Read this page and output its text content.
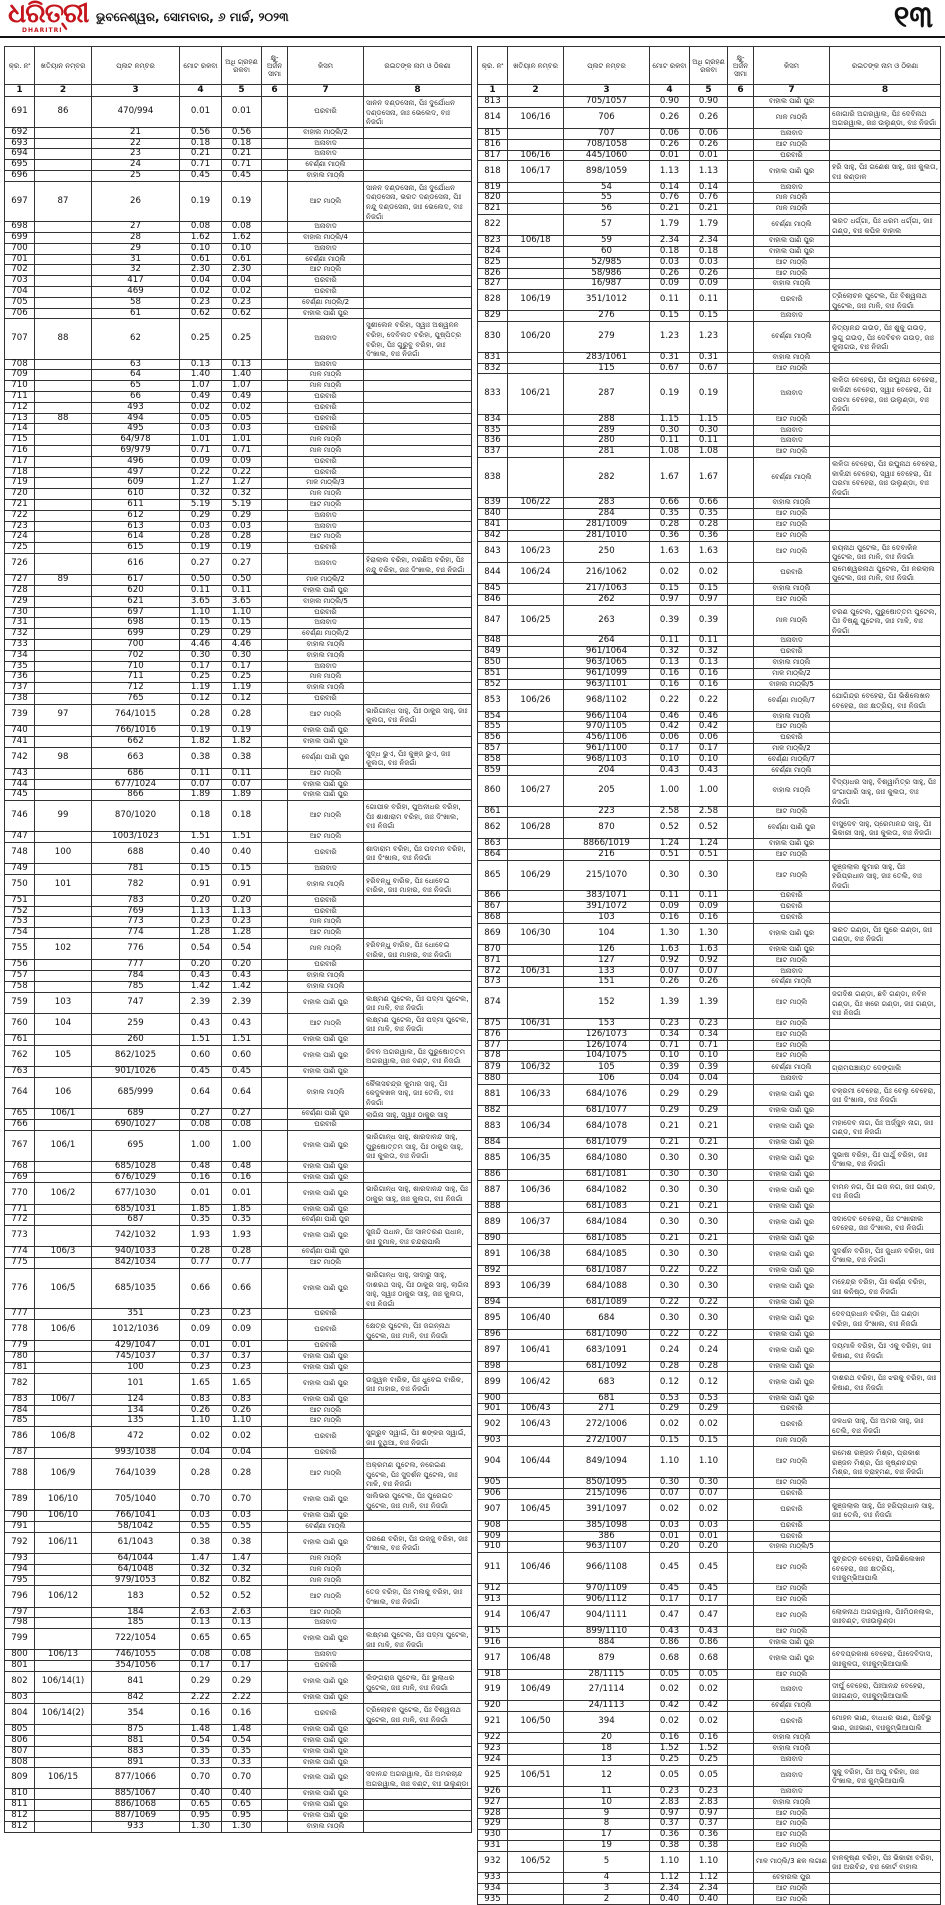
ଧରିତ୍ରୀ
DHARITRI
ଭୁବନେଶ୍ୱର, ସୋମବାର, ୬ ମାର୍ଚ୍ଚ, ୨୦୨୩	୧୩
କ୍ର. ନଂ	ଖତିୟାନ ନମ୍ବର	ପ୍ଲଟ ନମ୍ବର	ମୋଟ ରକବା	ଅଧି ଗ୍ରହଣ ରକବା	କ୍ଷୁ- ଅର୍ଜନ ସୀମା	କିସମ	ରଇତଙ୍କ ନାମ ଓ ଠିକଣା
1	2	3	4	5	6	7	8
691	86	470/994	0.01	0.01		ଘରବାରି	ସାନନ ଦଣ୍ଡସେନା, ପିଃ ଦୁର୍ଯୋଧନ ଦଣ୍ଡସେନା, ଜାଃ ଭେଲେଦ, ବାଃ ନିଜଗାଁ
692		21	0.56	0.56		ବାହାଲ ମାଠ୍ଲି/2	
693		22	0.18	0.18		ଅନାବାଦ	
694		23	0.21	0.21		ଅନାବାଦ	
695		24	0.71	0.71		ବେର୍ଣ୍ଣା ମାଠ୍ଲି	
696		25	0.45	0.45		ବାହାଲ ମାଠ୍ଲି	
697	87	26	0.19	0.19		ଆଟ ମାଠ୍ଲି	ସାନନ ଦଣ୍ଡସେନା, ପିଃ ଦୁର୍ଯୋଧନ ଦଣ୍ଡସେନା, ଭରତ ଦଣ୍ଡସେନା, ପିଃ ନନ୍ଦୁ ଦଣ୍ଡସେନା, ଜାଃ ଭେଲେଦ, ବାଃ ନିଜଗାଁ
698		27	0.08	0.08		ଅନାବାଦ	
699		28	1.62	1.62		ବାହାଲ ମାଠ୍ଲି/4	
700		29	0.10	0.10		ଅନାବାଦ	
701		31	0.61	0.61		ବେର୍ଣ୍ଣା ମାଠ୍ଲି	
702		32	2.30	2.30		ଆଟ ମାଠ୍ଲି	
703		417	0.04	0.04		ଘରବାରି	
704		469	0.02	0.02		ଘରବାରି	
705		58	0.23	0.23		ବେର୍ଣ୍ଣା ମାଠ୍ଲି/2	
706		61	0.62	0.62		ବାହାଲ ପାଣି ପୁର	
707	88	62	0.25	0.25		ଅନାବାଦ	ସୁଶୀଲେନ ବରିହା, ସ୍ୱାଃ ଅଶ୍ୱନନ ବରିହା, ଦେବିଲତ ବରିହା, ପୁଷ୍ପିତ୍ର ବରିହା, ପିଃ ଗୁରୁବୁ ବରିହା, ଜାଃ ଦିଂଖାଲ, ବାଃ ନିଜଗାଁ
708		63	0.13	0.13		ଅନାବାଦ	
709		64	1.40	1.40		ମାଳ ମାଠ୍ଲି	
710		65	1.07	1.07		ମାଳ ମାଠ୍ଲି	
711		66	0.49	0.49		ଘରବାରି	
712		493	0.02	0.02		ଘରବାରି	
713	88	494	0.05	0.05		ଘରବାରି	
714		495	0.03	0.03		ଘରବାରି	
715		64/978	1.01	1.01		ମାଳ ମାଠ୍ଲି	
716		69/979	0.71	0.71		ମାଳ ମାଠ୍ଲି	
717		496	0.09	0.09		ଘରବାରି	
718		497	0.22	0.22		ଘରବାରି	
719		609	1.27	1.27		ମାଳ ମାଠ୍ଲି/3	
720		610	0.32	0.32		ମାଳ ମାଠ୍ଲି	
721		611	5.19	5.19		ଆଟ ମାଠ୍ଲି	
722		612	0.29	0.29		ଅନାବାଦ	
723		613	0.03	0.03		ଅନାବାଦ	
724		614	0.28	0.28		ଆଟ ମାଠ୍ଲି	
725		615	0.19	0.19		ଘରବାରି	
726		616	0.27	0.27		ଅନାବାଦ	ହିରାଲାଲ ବରିହା, ମରଛିଅ ବରିହା, ପିଃ ନନ୍ଦୁ ବରିହା, ଜାଃ ଦିଂଖାଲ, ବାଃ ନିଜଗାଁ
727	89	617	0.50	0.50		ମାଳ ମାଠ୍ଲି/2	
728		620	0.11	0.11		ବାହାଲ ପାଣି ପୁର	
729		621	3.65	3.65		ବାହାଲ ମାଠ୍ଲି/5	
730		697	1.10	1.10		ଘରବାରି	
731		698	0.15	0.15		ଅନାବାଦ	
732		699	0.29	0.29		ବେର୍ଣ୍ଣା ମାଠ୍ଲି/2	
733		700	4.46	4.46		ବାହାଲ ମାଠ୍ଲି	
734		702	0.30	0.30		ବାହାଲ ମାଠ୍ଲି	
735		710	0.17	0.17		ଅନାବାଦ	
736		711	0.25	0.25		ମାଳ ମାଠ୍ଲି	
737		712	1.19	1.19		ବାହାଲ ମାଠ୍ଲି	
738		765	0.12	0.12		ଘରବାରି	
739	97	764/1015	0.28	0.28		ଆଟ ମାଠ୍ଲି	ଭାରିଗାନ୍ଧ ସାହୁ, ପିଃ ଠାକୁର ସାହୁ, ଜାଃ କୁଲତା, ବାଃ ନିଜଗାଁ
740		766/1016	0.19	0.19		ବାହାଲ ପାଣି ପୁର	
741		662	1.82	1.82		ବାହାଲ ପାଣି ପୁର	
742	98	663	0.38	0.38		ବେର୍ଣ୍ଣା ପାଣି ପୁର	ସୁଦ୍ଧ ଭୁଏ, ପିଃ କୁଞ୍ଜ ଭୁଏ, ଜାଃ କୁଲତା, ବାଃ ନିଜଗାଁ
743		686	0.11	0.11		ଆଟ ମାଠ୍ଲି	
744		677/1024	0.07	0.07		ବାହାଲ ପାଣି ପୁର	
745		866	1.89	1.89		ବାହାଲ ପାଣି ପୁର	
746	99	870/1020	0.18	0.18		ଆଟ ମାଠ୍ଲି	ଗୋପୀକ ବରିହା, ପୁଅନୀଧର ବରିହା, ପିଃ ଶାଶାରାମ ବରିହା, ଜାଃ ଦିଂଖାଲ, ବାଃ ନିଜଗାଁ
747		1003/1023	1.51	1.51		ଆଟ ମାଠ୍ଲି	
748	100	688	0.40	0.40		ଘରବାରି	ଶାଦାରାମ ବରିହା, ପିଃ ପଦମନ ବରିହା, ଜାଃ ଦିଂଖାଲ, ବାଃ ନିଜଗାଁ
749		781	0.15	0.15		ଅନାବାଦ	
750	101	782	0.91	0.91		ବାହାଲ ମାଠ୍ଲି	ହରିବନ୍ଧୁ ବାରିକ, ପିଃ ଧୋବେଇ ବାରିକ, ଜାଃ ମାହାର, ବାଃ ନିଜଗାଁ
751		783	0.20	0.20		ଘରବାରି	
752		769	1.13	1.13		ଘରବାରି	
753		773	0.23	0.23		ମାଳ ମାଠ୍ଲି	
754		774	1.28	1.28		ଆଟ ମାଠ୍ଲି	
755	102	776	0.54	0.54		ମାଳ ମାଠ୍ଲି	ହରିବନ୍ଧୁ ବାରିକ, ପିଃ ଧୋବେଇ ବାରିକ, ଜାଃ ମାହାର, ବାଃ ନିଜଗାଁ
756		777	0.20	0.20		ଘରବାରି	
757		784	0.43	0.43		ବାହାଲ ମାଠ୍ଲି	
758		785	1.42	1.42		ବାହାଲ ମାଠ୍ଲି	
759	103	747	2.39	2.39		ବାହାଲ ପାଣି ପୁର	ଲକ୍ଷ୍ମଣ ପୁଟେଲ, ପିଃ ପଦ୍ମା ପୁଟେଲ, ଜାଃ ମାଳି, ବାଃ ନିଜଗାଁ
760	104	259	0.43	0.43		ଆଟ ମାଠ୍ଲି	ଲକ୍ଷ୍ମଣ ପୁଟେଲ, ପିଃ ପଦ୍ମା ପୁଟେଲ, ଜାଃ ମାଳି, ବାଃ ନିଜଗାଁ
761		260	1.51	1.51		ବାହାଲ ପାଣି ପୁର	
762	105	862/1025	0.60	0.60		ବାହାଲ ପାଣି ପୁର	ଜିବନ ଅଗରୱାଲ, ପିଃ ପୁରୁଷୋତ୍ତମ ଅଗରୱାଲ, ଜାଃ ବଣ୍ଟ, ବାଃ ନିଜଗାଁ
763		901/1026	0.45	0.45		ବାହାଲ ପାଣି ପୁର	
764	106	685/999	0.64	0.64		ବାହାଲ ମାଠ୍ଲି	କୈଳାସଚନ୍ଦ୍ର କୁମାର ସାହୁ, ପିଃ କେଦୁଳଖଳ ସାହୁ, ଜାଃ ତେଲି, ବାଃ ନିଜଗାଁ
765	106/1	689	0.27	0.27		ବେର୍ଣ୍ଣା ପାଣି ପୁର	ଲାଗିନା ସାହୁ, ସ୍ୱାଃ ଠାକୁର ସାହୁ
766		690/1027	0.08	0.08		ଘରବାରି	
767	106/1	695	1.00	1.00		ବାହାଲ ପାଣି ପୁର	ଭାରିଗାନ୍ଧ ସାହୁ, ଶାରଦାନନ୍ଦ ସାହୁ, ପୁରୁଷୋତ୍ତମ ସାହୁ, ପିଃ ଠାକୁର ସାହୁ, ଜାଃ କୁଲତା, ବାଃ ନିଜଗାଁ
768		685/1028	0.48	0.48		ବାହାଲ ପାଣି ପୁର	
769		676/1029	0.16	0.16		ବାହାଲ ପାଣି ପୁର	
770	106/2	677/1030	0.01	0.01		ବାହାଲ ପାଣି ପୁର	ଭାରିଗାନ୍ଧ ସାହୁ, ଶାରଦାନନ୍ଦ ସାହୁ, ପିଃ ଠାକୁର ସାହୁ, ଜାଃ କୁଲତା, ବାଃ ନିଜଗାଁ
771		685/1031	1.85	1.85		ବାହାଲ ପାଣି ପୁର	
772		687	0.35	0.35		ବେର୍ଣ୍ଣା ପାଣି ପୁର	
773		742/1032	1.93	1.93		ବାହାଲ ପାଣି ପୁର	ସୁଜନ୍ଦି ପଧାନ, ପିଃ ସାନତରଣ ପଧାନ, ଜାଃ ଦୁମାଳ, ବାଃ ଚନ୍ଦରାପାଲି
774	106/3	940/1033	0.28	0.28		ବେର୍ଣ୍ଣା ପାଣି ପୁର	
775		842/1034	0.77	0.77		ଆଟ ମାଠ୍ଲି	
776	106/5	685/1035	0.66	0.66		ବାହାଲ ପାଣି ପୁର	ଭାରିଗାନ୍ଧ ସାହୁ, ସାଦାରୁ ସାହୁ, ଦାଶରଥ ସାହୁ, ପିଃ ଠାକୁର ସାହୁ, ଲାଗିନା ସାହୁ, ସ୍ୱାଃ ଠାକୁର ସାହୁ, ଜାଃ କୁଲତା, ବାଃ ନିଜଗାଁ
777		351	0.23	0.23		ଘରବାରି	
778	106/6	1012/1036	0.09	0.09		ଘରବାରି	କ୍ଷେତ୍ର ପୁଟେଲ, ପିଃ ଜଗନ୍ନାଥ ପୁଟେଲ, ଜାଃ ମାଳି, ବାଃ ନିଜଗାଁ
779		429/1047	0.01	0.01		ଘରବାରି	
780		745/1037	0.37	0.37		ବାହାଲ ପାଣି ପୁର	
781		100	0.23	0.23		ବାହାଲ ପାଣି ପୁର	
782		101	1.65	1.65		ବାହାଲ ପାଣି ପୁର	ଉଜ୍ଜ୍ୱଳ ବାରିକ, ପିଃ ଧୁବେଇ ବାରିକ, ଜାଃ ମାହାର, ବାଃ ନିଜଗାଁ
783	106/7	124	0.83	0.83		ବାହାଲ ପାଣି ପୁର	
784		134	0.26	0.26		ଆଟ ମାଠ୍ଲି	
785		135	1.10	1.10		ଆଟ ମାଠ୍ଲି	
786	106/8	472	0.02	0.02		ଘରବାରି	ସୁଗ୍ରୁବ ସ୍ୱାଇଁ, ପିଃ ଶଙ୍କର ସ୍ୱାଇଁ, ଜାଃ ଦୁଥିଆ, ବାଃ ନିଜଗାଁ
787		993/1038	0.04	0.04		ଘରବାରି	
788	106/9	764/1039	0.28	0.28		ଆଟ ମାଠ୍ଲି	ଅକ୍ରମଣ ପୁଟେଲ, ନରେଇଣ ପୁଟେଲ, ପିଃ ସୁଦର୍ଶନ ପୁଟେଲ, ଜାଃ ମାଳି, ବାଃ ନିଜଗାଁ
789	106/10	705/1040	0.70	0.70		ବାହାଲ ପାଣି ପୁର	ସାଲିଭର ପୁଟେଲ, ପିଃ ପୁରେଇତ ପୁଟେଲ, ଜାଃ ମାଳି, ବାଃ ନିଜଗାଁ
790	106/10	766/1041	0.03	0.03		ବାହାଲ ପାଣି ପୁର	
791		58/1042	0.55	0.55		ବେର୍ଣ୍ଣା ମାଠ୍ଲି	
792	106/11	61/1043	0.38	0.38		ବାହାଲ ପାଣି ପୁର	ପରଣେ ବରିହା, ପିଃ ଉଜ୍ଜୁ ବରିହା, ଜାଃ ଦିଂଖାଲ, ବାଃ ନିଜଗାଁ
793		64/1044	1.47	1.47		ମାଳ ମାଠ୍ଲି	
794		64/1048	0.32	0.32		ମାଳ ମାଠ୍ଲି	
795		979/1053	0.82	0.82		ମାଳ ମାଠ୍ଲି	
796	106/12	183	0.52	0.52		ଆଟ ମାଠ୍ଲି	ତେଜ ବରିହା, ପିଃ ମଲକୁ ବରିହା, ଜାଃ ଦିଂଖାଲ, ବାଃ ନିଜଗାଁ
797		184	2.63	2.63		ଆଟ ମାଠ୍ଲି	
798		185	0.13	0.13		ଅନାବାଦ	
799		722/1054	0.65	0.65		ବାହାଲ ପାଣି ପୁର	ଲକ୍ଷ୍ମଣ ପୁଟେଲ, ପିଃ ପଦ୍ମା ପୁଟେଲ, ଜାଃ ମାଳି, ବାଃ ନିଜଗାଁ
800	106/13	746/1055	0.08	0.08		ଅନାବାଦ	
801		354/1056	0.17	0.17		ଘରବାରି	
802	106/14(1)	841	0.29	0.29		ବାହାଲ ପାଣି ପୁର	ଲିଙ୍ଗରାଜ ପୁଟେଲ, ପିଃ ଭୁଲାଧର ପୁଟେଲ, ଜାଃ ମାଳି, ବାଃ ନିଜଗାଁ
803		842	2.22	2.22		ବାହାଲ ପାଣି ପୁର	
804	106/14(2)	354	0.16	0.16		ଘରବାରି	ତ୍ରିଲୋଚନ ପୁଟେଲ, ପିଃ ବିଶ୍ୱନାଥ ପୁଟେଲ, ଜାଃ ମାଳି, ବାଃ ନିଜଗାଁ
805		875	1.48	1.48		ବାହାଲ ପାଣି ପୁର	
806		881	0.54	0.54		ବାହାଲ ପାଣି ପୁର	
807		883	0.35	0.35		ବାହାଲ ପାଣି ପୁର	
808		891	0.33	0.33		ବାହାଲ ପାଣି ପୁର	
809	106/15	877/1066	0.70	0.70		ବାହାଲ ପାଣି ପୁର	ସଦାନନ୍ଦ ଅଗରୱାଲ, ପିଃ ଅମରଚାନ୍ଦ ଅଗରୱାଲ, ଜାଃ ବଣ୍ଟ, ବାଃ ଉଲୁଣ୍ଡା
810		885/1067	0.40	0.40		ବାହାଲ ପାଣି ପୁର	
811		886/1068	0.65	0.65		ବାହାଲ ପାଣି ପୁର	
812		887/1069	0.95	0.95		ବାହାଲ ପାଣି ପୁର	
812		933	1.30	1.30		ବାହାଲ ମାଠ୍ଲି	
କ୍ର. ନଂ	ଖତିୟାନ ନମ୍ବର	ପ୍ଲଟ ନମ୍ବର	ମୋଟ ରକବା	ଅଧି ଗ୍ରହଣ ରକବା	କ୍ଷୁ- ଅର୍ଜନ ସୀମା	କିସମ	ରଇତଙ୍କ ନାମ ଓ ଠିକଣା
1	2	3	4	5	6	7	8
813		705/1057	0.90	0.90		ବାହାଲ ପାଣି ପୁର	
814	106/16	706	0.26	0.26		ମାଳ ମାଠ୍ଲି	ଜୋଗାରି ଅଗରୱାଲ, ପିଃ ଦେବିନାଥ ଅଗରୱାଲ, ଜାଃ ଉଲୁଣ୍ଡା, ବାଃ ନିଜଗାଁ
815		707	0.06	0.06		ଅନାବାଦ	
816		708/1058	0.26	0.26		ଆଟ ମାଠ୍ଲି	
817	106/16	445/1060	0.01	0.01		ଘରବାରି	
818	106/17	898/1059	1.13	1.13		ବାହାଲ ପାଣି ପୁର	ହରି ସାହୁ, ପିଃ ଗଣେଶ ସାହୁ, ଜାଃ କୁଲତା, ବାଃ କଣ୍ଡାଳ
819		54	0.14	0.14		ଅନାବାଦ	
820		55	0.76	0.76		ମାଳ ମାଠ୍ଲି	
821		56	0.21	0.21		ମାଳ ମାଠ୍ଲି	
822		57	1.79	1.79		ବେର୍ଣ୍ଣା ମାଠ୍ଲି	ଭରତ ଧର୍ଗ୍ଗା, ପିଃ ଧରମ ଧର୍ଗ୍ଗା, ଜାଃ ଗଣ୍ଡ, ବାଃ କପିଳ ବାହାଲ
823	106/18	59	2.34	2.34		ବାହାଲ ପାଣି ପୁର	
824		60	0.18	0.18		ବାହାଲ ପାଣି ପୁର	
825		52/985	0.03	0.03		ଆଟ ମାଠ୍ଲି	
826		58/986	0.26	0.26		ଆଟ ମାଠ୍ଲି	
827		16/987	0.09	0.09		ବାହାଲ ମାଠ୍ଲି	
828	106/19	351/1012	0.11	0.11		ଘରବାରି	ତ୍ରିଲୋଚନ ପୁଟେଲ, ପିଃ ବିଶ୍ୱନାଥ ପୁଟେଲ, ଜାଃ ମାଳି, ବାଃ ନିଜଗାଁ
829		276	0.15	0.15		ଅନାବାଦ	
830	106/20	279	1.23	1.23		ବେର୍ଣ୍ଣା ମାଠ୍ଲି	ନିତ୍ୟାନନ୍ଦ ଗଉଡ଼, ପିଃ ଶୁକୁ ଗଉଡ଼, ଭୃଗୁ ଗଉଡ଼, ପିଃ ଦେବିଚନ ଗଉଡ଼, ଜାଃ କୁଲାଗଉ, ବାଃ ନିଜଗାଁ
831		283/1061	0.31	0.31		ବାହାଲ ମାଠ୍ଲି	
832		115	0.67	0.67		ଆଟ ମାଠ୍ଲି	
833	106/21	287	0.19	0.19		ଅନାବାଦ	ଲଳିତା ବେହେରା, ପିଃ ରଘୁନାଥ ବେହେରା, କାଳିନ୍ଦୀ ବେହେରା, ସ୍ୱାଃ ବେହେରା, ପିଃ ପରମା ବେହେରା, ଜାଃ ଉଲୁଣ୍ଡା, ବାଃ ନିଜଗାଁ
834		288	1.15	1.15		ଆଟ ମାଠ୍ଲି	
835		289	0.30	0.30		ଅନାବାଦ	
836		280	0.11	0.11		ଅନାବାଦ	
837		281	1.08	1.08		ଆଟ ମାଠ୍ଲି	
838		282	1.67	1.67		ବେର୍ଣ୍ଣା ମାଠ୍ଲି	ଲଳିତା ବେହେରା, ପିଃ ରଘୁନାଥ ବେହେରା, କାଳିନ୍ଦୀ ବେହେରା, ସ୍ୱାଃ ବେହେରା, ପିଃ ପରମା ବେହେରା, ଜାଃ ଉଲୁଣ୍ଡା, ବାଃ ନିଜଗାଁ
839	106/22	283	0.66	0.66		ବାହାଲ ମାଠ୍ଲି	
840		284	0.35	0.35		ଆଟ ମାଠ୍ଲି	
841		281/1009	0.28	0.28		ଆଟ ମାଠ୍ଲି	
842		281/1010	0.36	0.36		ଆଟ ମାଠ୍ଲି	
843	106/23	250	1.63	1.63		ଆଟ ମାଠ୍ଲି	ରୟନାଥ ପୁଟେଲ, ପିଃ ଦେବାକିନ ପୁଟେଲ, ଜାଃ ମାଳି, ବାଃ ନିଜଗାଁ
844	106/24	216/1062	0.02	0.02		ଘରବାରି	ରାମେଶ୍ୱରନାଥ ପୁଟେଲ, ପିଃ ନରଲାଲ ପୁଟେଲ, ଜାଃ ମାଳି, ବାଃ ନିଜଗାଁ
845		217/1063	0.15	0.15		ବାହାଲ ମାଠ୍ଲି	
846		262	0.97	0.97		ଆଟ ମାଠ୍ଲି	
847	106/25	263	0.39	0.39		ମାଳ ମାଠ୍ଲି	ଚରଣ ପୁଟେଲ, ପୁରୁଷୋତ୍ତମ ପୁଟେଲ, ପିଃ ବିଷ୍ଣୁ ପୁଟେଲ, ଜାଃ ମାଳି, ବାଃ ନିଜଗାଁ
848		264	0.11	0.11		ଅନାବାଦ	
849		961/1064	0.32	0.32		ଘରବାରି	
850		963/1065	0.13	0.13		ବାହାଲ ମାଠ୍ଲି	
851		961/1099	0.16	0.16		ମାଳ ମାଠ୍ଲି/2	
852		963/1101	0.16	0.16		ବାହାଲ ମାଠ୍ଲି/5	
853	106/26	968/1102	0.22	0.22		ବେର୍ଣ୍ଣା ମାଠ୍ଲି/7	ଯୋଗିନ୍ଦ୍ର ବେହେରା, ପିଃ ଭିଶିଲେଖନ ବେହେରା, ଜାଃ କ୍ଷତ୍ରିୟ, ବାଃ ନିଜଗାଁ
854		966/1104	0.46	0.46		ବାହାଲ ମାଠ୍ଲି	
855		970/1105	0.42	0.42		ଆଟ ମାଠ୍ଲି	
856		456/1106	0.06	0.06		ଘରବାରି	
857		961/1100	0.17	0.17		ମାଳ ମାଠ୍ଲି/2	
858		968/1103	0.10	0.10		ବେର୍ଣ୍ଣା ମାଠ୍ଲି/7	
859		204	0.43	0.43		ବେର୍ଣ୍ଣା ମାଠ୍ଲି	
860	106/27	205	1.00	1.00		ବାହାଲ ମାଠ୍ଲି	ବିଦ୍ୟାଧର ସାହୁ, ବିଶ୍ୱାମିତ୍ର ସାହୁ, ପିଃ ଜଂଗାପାରି ସାହୁ, ଜାଃ କୁଲତା, ବାଃ ନିଜଗାଁ
861		223	2.58	2.58		ଆଟ ମାଠ୍ଲି	
862	106/28	870	0.52	0.52		ବେର୍ଣ୍ଣା ପାଣି ପୁର	ବାସୁଦେବ ସାହୁ, ପ୍ରେମାନନ୍ଦ ସାହୁ, ପିଃ ଭିକାରୀ ସାହୁ, ଜାଃ କୁଲତା, ବାଃ ନିଜଗାଁ
863		8866/1019	1.24	1.24		ବାହାଲ ପାଣି ପୁର	
864		216	0.51	0.51		ଆଟ ମାଠ୍ଲି	
865	106/29	215/1070	0.30	0.30		ଆଟ ମାଠ୍ଲି	କୁଞ୍ଜଲାଲ କୁମାର ସାହୁ, ପିଃ ହରିପ୍ରଧାନ ସାହୁ, ଜାଃ ତେଲି, ବାଃ ନିଜଗାଁ
866		383/1071	0.11	0.11		ଘରବାରି	
867		391/1072	0.09	0.09		ଘରବାରି	
868		103	0.16	0.16		ଘରବାରି	
869	106/30	104	1.30	1.30		ବାହାଲ ପାଣି ପୁର	ଭରତ ଗଣ୍ଡା, ପିଃ ଘୁରେ ଗଣ୍ଡା, ଜାଃ ଗଣ୍ଡା, ବାଃ ନିଜଗାଁ
870		126	1.63	1.63		ବାହାଲ ପାଣି ପୁର	
871		127	0.92	0.92		ଆଟ ମାଠ୍ଲି	
872	106/31	133	0.07	0.07		ଅନାବାଦ	
873		151	0.26	0.26		ବେର୍ଣ୍ଣା ମାଠ୍ଲି	
874		152	1.39	1.39		ଆଟ ମାଠ୍ଲି	ଜଗଦିଶ ଗଣ୍ଡା, ଛବି ଗଣ୍ଡା, ନବିନ ଗଣ୍ଡା, ପିଃ ଖରେ ଗଣ୍ଡା, ଜାଃ ଗଣ୍ଡା, ବାଃ ନିଜଗାଁ
875	106/31	153	0.23	0.23		ଆଟ ମାଠ୍ଲି	
876		126/1073	0.34	0.34		ଆଟ ମାଠ୍ଲି	
877		126/1074	0.71	0.71		ଆଟ ମାଠ୍ଲି	
878		104/1075	0.10	0.10		ଆଟ ମାଠ୍ଲି	
879	106/32	105	0.39	0.39		ବେର୍ଣ୍ଣା ମାଠ୍ଲି	ଗ୍ରାମପଞ୍ଚାୟତ ଦେଙ୍ଗାଲି
880		106	0.04	0.04		ଅନାବାଦ	
881	106/33	684/1076	0.29	0.29		ବାହାଲ ପାଣି ପୁର	ଚକ୍ରମୀ ବେହେରା, ପିଃ ବେଲୁ ବେହେରା, ଜାଃ ଦିଂଖାଲ, ବାଃ ନିଜଗାଁ
882		681/1077	0.29	0.29		ବାହାଲ ପାଣି ପୁର	
883	106/34	684/1078	0.21	0.21		ବାହାଲ ପାଣି ପୁର	ମହାଦେବ ନାଗ, ପିଃ ଅର୍ଜ୍ଜୁନ ନାଗ, ଜାଃ ଗଣ୍ଡ, ବାଃ ନିଜଗାଁ
884		681/1079	0.21	0.21		ବାହାଲ ପାଣି ପୁର	
885	106/35	684/1080	0.30	0.30		ବାହାଲ ପାଣି ପୁର	ସୁଭାଷ ବରିହା, ପିଃ ପାର୍ଥୁ ବରିହା, ଜାଃ ଦିଂଖାଲ, ବାଃ ନିଜଗାଁ
886		681/1081	0.30	0.30		ବାହାଲ ପାଣି ପୁର	
887	106/36	684/1082	0.30	0.30		ବାହାଲ ପାଣି ପୁର	ବାମନ ନଗ, ପିଃ ଇଜ ନଗ, ଜାଃ ଗଣ୍ଡ, ବାଃ ନିଜଗାଁ
888		681/1083	0.21	0.21		ବାହାଲ ପାଣି ପୁର	
889	106/37	684/1084	0.30	0.30		ବାହାଲ ପାଣି ପୁର	ସଦାଦେବ ବେହେରା, ପିଃ ତଂଖାରୀଲ ବେହେରା, ଜାଃ ଦିଂଖାଲ, ବାଃ ନିଜଗାଁ
890		681/1085	0.21	0.21		ବାହାଲ ପାଣି ପୁର	
891	106/38	684/1085	0.30	0.30		ବାହାଲ ପାଣି ପୁର	ସୁଦର୍ଶନ ବରିହା, ପିଃ ଜୁଧାନ ବରିହା, ଜାଃ ଦିଂଖାଲ, ବାଃ ନିଜଗାଁ
892		681/1087	0.22	0.22		ବାହାଲ ପାଣି ପୁର	
893	106/39	684/1088	0.30	0.30		ବାହାଲ ପାଣି ପୁର	ମହେନ୍ଦ୍ର ବରିହା, ପିଃ କର୍ଣ୍ଣ ବରିହା, ଜାଃ କନିଷ୍ଠ, ବାଃ ନିଜଗାଁ
894		681/1089	0.22	0.22		ବାହାଲ ପାଣି ପୁର	
895	106/40	684	0.30	0.30		ବାହାଲ ପାଣି ପୁର	ଦେବପ୍ରଧାନ ବରିହା, ପିଃ ଗଣ୍ଡା ବରିହା, ଜାଃ ଦିଂଖାଲ, ବାଃ ନିଜଗାଁ
896		681/1090	0.22	0.22		ବାହାଲ ପାଣି ପୁର	
897	106/41	683/1091	0.24	0.24		ବାହାଲ ପାଣି ପୁର	ଦୟମାଳି ବରିହା, ପିଃ ଏକୁ ବରିହା, ଜାଃ କିଷାଣ, ବାଃ ନିଜଗାଁ
898		681/1092	0.28	0.28		ବାହାଲ ପାଣି ପୁର	
899	106/42	683	0.12	0.12		ବାହାଲ ପାଣି ପୁର	ଦାଶରଥ ବରିହା, ପିଃ ଝରକୁ ବରିହା, ଜାଃ କିଷାଣ, ବାଃ ନିଜଗାଁ
900		681	0.53	0.53		ବାହାଲ ପାଣି ପୁର	
901	106/43	271	0.29	0.29		ଘରବାରି	
902	106/43	272/1006	0.02	0.02		ଘରବାରି	ଜଳଧର ସାହୁ, ପିଃ ଅମର ସାହୁ, ଜାଃ ତେଲି, ବାଃ ନିଜଗାଁ
903		272/1007	0.15	0.15		ମାଳ ମାଠ୍ଲି	
904	106/44	849/1094	1.10	1.10		ଆଟ ମାଠ୍ଲି	ରମେଶ ରଞ୍ଜନ ମିଶ୍ର, ପ୍ରକାଶ ରଞ୍ଜନ ମିଶ୍ର, ପିଃ କୃଷ୍ଣଚନ୍ଦ୍ର ମିଶ୍ର, ଜାଃ ବ୍ରାହ୍ମଣ, ବାଃ ନିଜଗାଁ
905		850/1095	0.30	0.30		ଆଟ ମାଠ୍ଲି	
906		215/1096	0.07	0.07		ଘରବାରି	
907	106/45	391/1097	0.02	0.02		ଘରବାରି	କୁଞ୍ଜଲାଲ ସାହୁ, ପିଃ ହରିପ୍ରଧାନ ସାହୁ, ଜାଃ ତେଲି, ବାଃ ନିଜଗାଁ
908		385/1098	0.03	0.03		ଘରବାରି	
909		386	0.01	0.01		ଘରବାରି	
910		963/1107	0.20	0.20		ବାହାଲ ମାଠ୍ଲି/5	
911	106/46	966/1108	0.45	0.45		ଆଟ ମାଠ୍ଲି	ସୁବ୍ରତ୍ନ ବେହେରା, ପିଃଭିଶିଲେଖନ ବେହେରା, ଜାଃ କ୍ଷତ୍ରିୟ, ବାଃକୁମ୍ଭିଆପାଲି
912		970/1109	0.45	0.45		ଆଟ ମାଠ୍ଲି	
913		906/1112	0.17	0.17		ଆଟ ମାଠ୍ଲି	
914	106/47	904/1111	0.47	0.47		ଆଟ ମାଠ୍ଲି	ଲୋକନାଥ ଅଗରୱାଲ, ପିଃମିଠନଲାଲ, ଜାଃବଣ୍ଟ, ବାଃଉଲୁଣ୍ଡା
915		899/1110	0.43	0.43		ଆଟ ମାଠ୍ଲି	
916		884	0.86	0.86		ବାହାଲ ପାଣି ପୁର	
917	106/48	879	0.68	0.68		ବାହାଲ ପାଣି ପୁର	ବେଦପ୍ରକାଶ ବେହେରା, ପିଃଦେବିଦାସ, ଜାଃକୁଳତା, ବାଃକୁମ୍ଭିଆପାଲି
918		28/1115	0.05	0.05		ଆଟ ମାଠ୍ଲି	
919	106/49	27/1114	0.02	0.02		ଅନାବାଦ	ଦୀର୍ଘୁ ବେହେରା, ପିଃଆନନ୍ଦ ବେହେରା, ଜାଃଗଣ୍ଡ, ବାଃକୁମ୍ଭିଆପାଲି
920		24/1113	0.42	0.42		ବେର୍ଣ୍ଣା ମାଠ୍ଲି	
921	106/50	394	0.02	0.02		ଘରବାରି	ମୋହନ ଭାଣ, ବାଧଧର ଭାଣ, ପିଃବିଭୁ ଭାଣ, ଜାଃଭାଣ, ବାଃକୁମ୍ଭିଆପାଲି
922		20	0.16	0.16		ବାହାଲ ମାଠ୍ଲି	
923		18	1.52	1.52		ବାହାଲ ମାଠ୍ଲି	
924		13	0.25	0.25		ଅନାବାଦ	
925	106/51	12	0.05	0.05		ଅନାବାଦ	ସୁକୁ ବରିହା, ପିଃ ଅପୁ ବରିହା, ଜାଃ ଦିଂଖାଲ, ବାଃ କୁମ୍ଭିଆପାଲି
926		11	0.23	0.23		ଅନାବାଦ	
927		10	2.83	2.83		ବାହାଲ ମାଠ୍ଲି	
928		9	0.97	0.97		ଆଟ ମାଠ୍ଲି	
929		8	0.37	0.37		ଆଟ ମାଠ୍ଲି	
930		17	0.36	0.36		ଆଟ ମାଠ୍ଲି	
931		19	0.38	0.38		ଆଟ ମାଠ୍ଲି	
932	106/52	5	1.10	1.10		ମାଳ ମାଠ୍ଲି/3 ଛକ ଲଗାଣ	ବାଳକୃଷ୍ଣ ବରିହା, ପିଃ ଭିକାରୀ ବରିହା, ଜାଃ ଅରବିନ୍ଦ, ବାଃ କୋର୍ଟ ବାହାଲ
933		4	1.12	1.12		ବେହାରଲ ପୁର	
934		3	2.34	2.34		ଆଟ ମାଠ୍ଲି	
935		2	0.40	0.40		ଆଟ ମାଠ୍ଲି	
